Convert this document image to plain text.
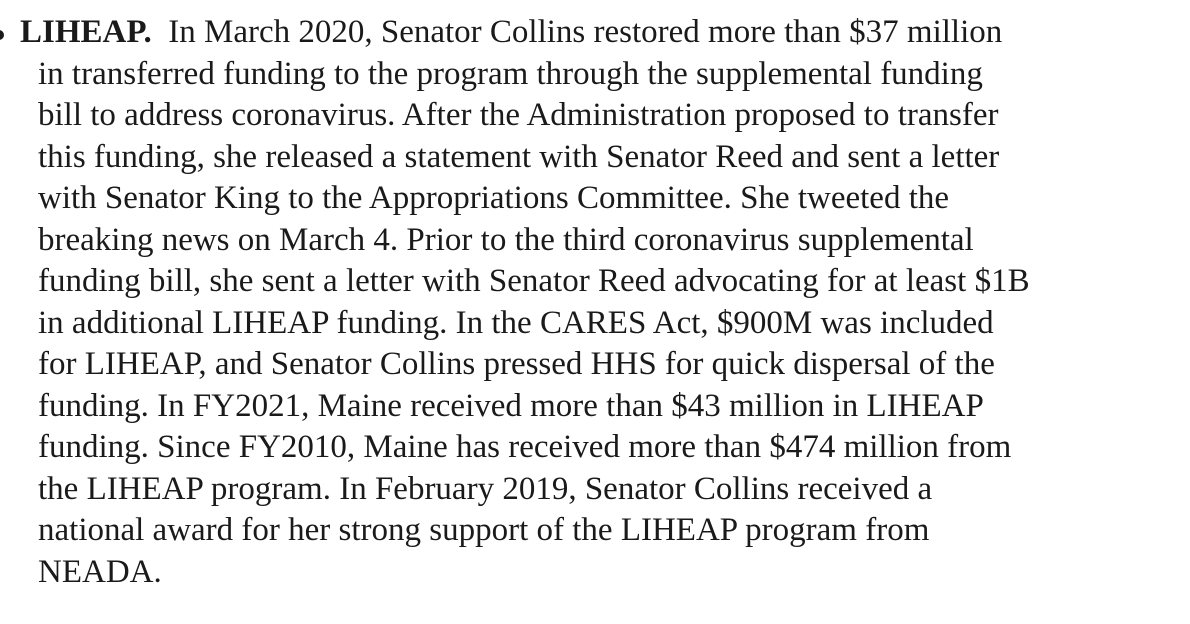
LIHEAP. In March 2020, Senator Collins restored more than $37 million
in transferred funding to the program through the supplemental funding
bill to address coronavirus. After the Administration proposed to transfer
this funding, she released a statement with Senator Reed and sent a letter
with Senator King to the Appropriations Committee. She tweeted the
breaking news on March 4. Prior to the third coronavirus supplemental
funding bill, she sent a letter with Senator Reed advocating for at least $1B
in additional LIHEAP funding. In the CARES Act, $900M was included
for LIHEAP, and Senator Collins pressed HHS for quick dispersal of the
funding. In FY2021, Maine received more than $43 million in LIHEAP
funding. Since FY2010, Maine has received more than $474 million from
the LIHEAP program. In February 2019, Senator Collins received a
national award for her strong support of the LIHEAP program from
NEADA.
